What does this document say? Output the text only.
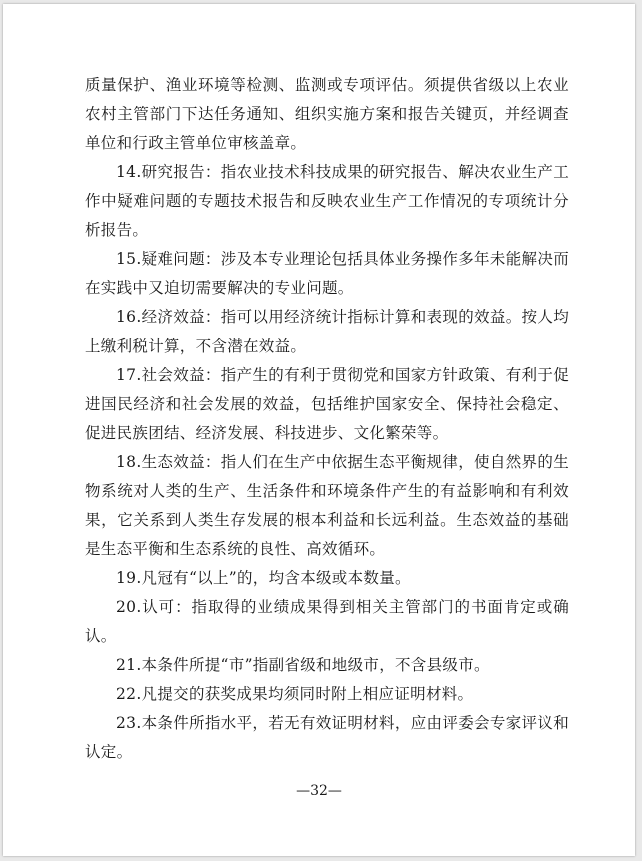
质量保护、渔业环境等检测、监测或专项评估。须提供省级以上农业农村主管部门下达任务通知、组织实施方案和报告关键页，并经调查单位和行政主管单位审核盖章。

14.研究报告：指农业技术科技成果的研究报告、解决农业生产工作中疑难问题的专题技术报告和反映农业生产工作情况的专项统计分析报告。

15.疑难问题：涉及本专业理论包括具体业务操作多年未能解决而在实践中又迫切需要解决的专业问题。

16.经济效益：指可以用经济统计指标计算和表现的效益。按人均上缴利税计算，不含潜在效益。

17.社会效益：指产生的有利于贯彻党和国家方针政策、有利于促进国民经济和社会发展的效益，包括维护国家安全、保持社会稳定、促进民族团结、经济发展、科技进步、文化繁荣等。

18.生态效益：指人们在生产中依据生态平衡规律，使自然界的生物系统对人类的生产、生活条件和环境条件产生的有益影响和有利效果，它关系到人类生存发展的根本利益和长远利益。生态效益的基础是生态平衡和生态系统的良性、高效循环。

19.凡冠有“以上”的，均含本级或本数量。

20.认可：指取得的业绩成果得到相关主管部门的书面肯定或确认。

21.本条件所提“市”指副省级和地级市，不含县级市。

22.凡提交的获奖成果均须同时附上相应证明材料。

23.本条件所指水平，若无有效证明材料，应由评委会专家评议和认定。

—32—
